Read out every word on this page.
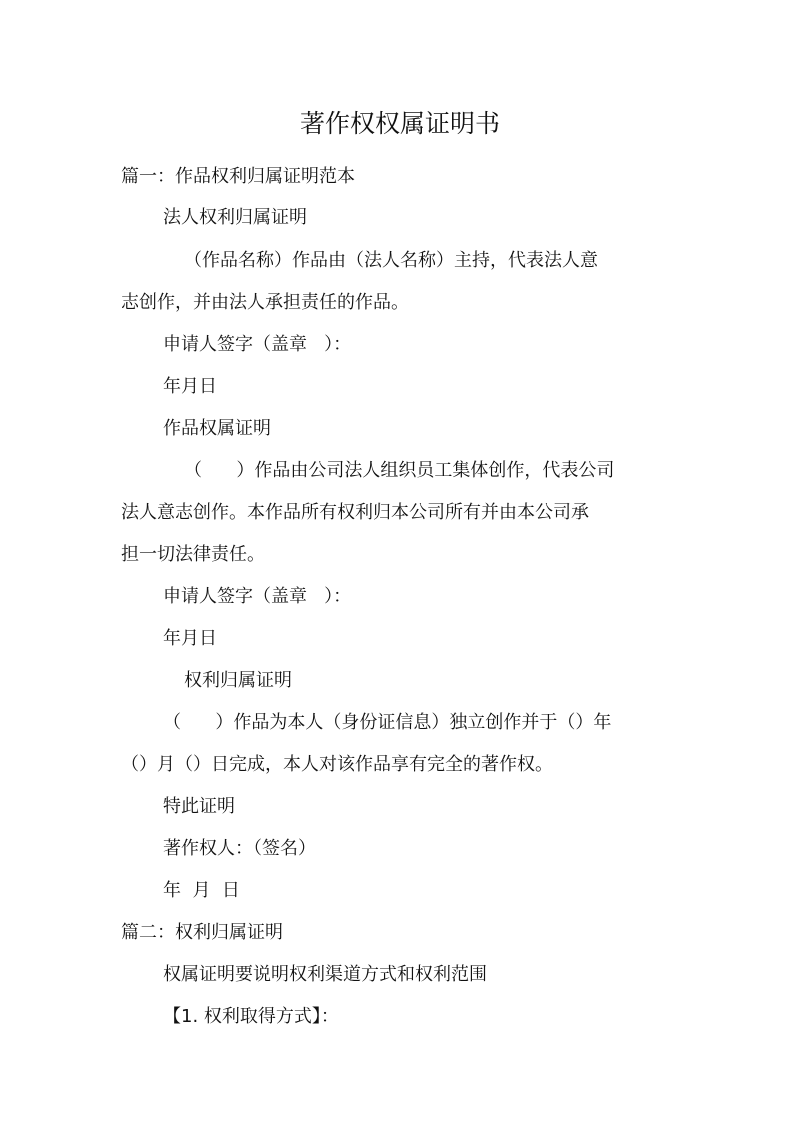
著作权权属证明书
篇一：作品权利归属证明范本
法人权利归属证明
（作品名称）作品由（法人名称）主持，代表法人意
志创作，并由法人承担责任的作品。
申请人签字（盖章   ）：
年月日
作品权属证明
（      ）作品由公司法人组织员工集体创作，代表公司
法人意志创作。本作品所有权利归本公司所有并由本公司承
担一切法律责任。
申请人签字（盖章   ）：
年月日
权利归属证明
（      ）作品为本人（身份证信息）独立创作并于（）年
（）月（）日完成，本人对该作品享有完全的著作权。
特此证明
著作权人：（签名）
年  月  日
篇二：权利归属证明
权属证明要说明权利渠道方式和权利范围
【1. 权利取得方式】：
